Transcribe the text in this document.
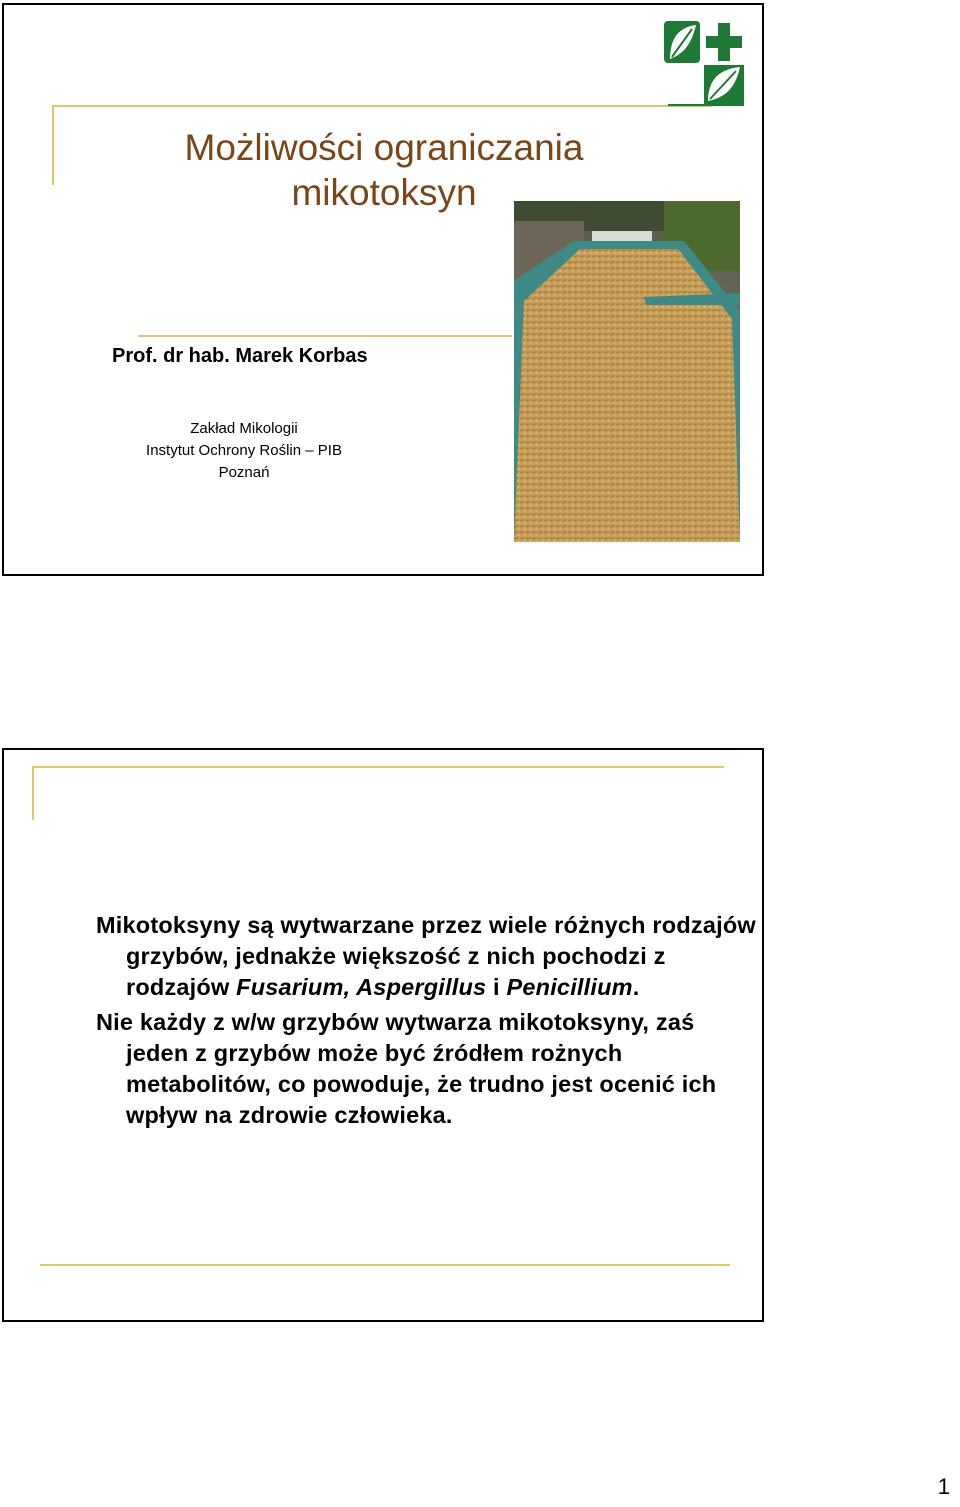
Możliwości ograniczania
mikotoksyn
Prof. dr hab. Marek Korbas
Zakład Mikologii
Instytut Ochrony Roślin – PIB
Poznań

Mikotoksyny są wytwarzane przez wiele różnych rodzajów grzybów, jednakże większość z nich pochodzi z rodzajów Fusarium, Aspergillus i Penicillium.

Nie każdy z w/w grzybów wytwarza mikotoksyny, zaś jeden z grzybów może być źródłem rożnych metabolitów, co powoduje, że trudno jest ocenić ich wpływ na zdrowie człowieka.

1
